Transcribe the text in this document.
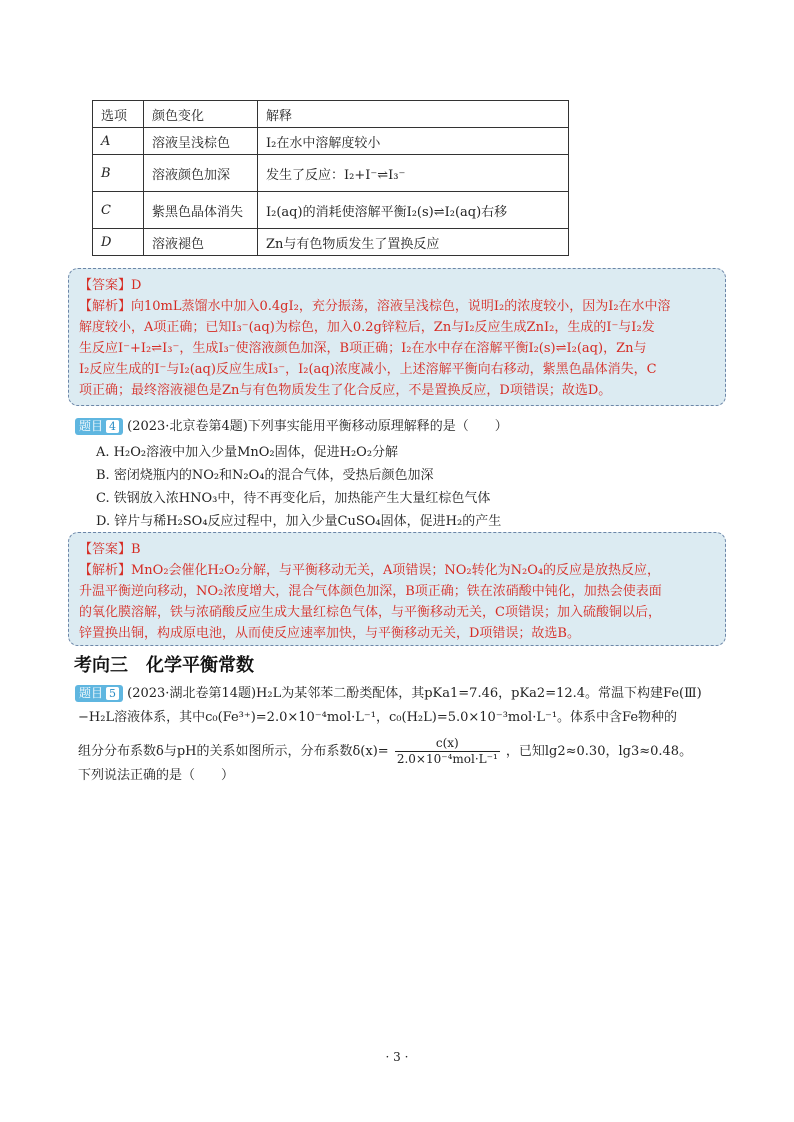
选项	颜色变化	解释
A	溶液呈浅棕色	I₂在水中溶解度较小
B	溶液颜色加深	发生了反应：I₂+I⁻⇌I₃⁻
C	紫黑色晶体消失	I₂(aq)的消耗使溶解平衡I₂(s)⇌I₂(aq)右移
D	溶液褪色	Zn与有色物质发生了置换反应

【答案】D

【解析】向10mL蒸馏水中加入0.4gI₂，充分振荡，溶液呈浅棕色，说明I₂的浓度较小，因为I₂在水中溶

解度较小，A项正确；已知I₃⁻(aq)为棕色，加入0.2g锌粒后，Zn与I₂反应生成ZnI₂，生成的I⁻与I₂发

生反应I⁻+I₂⇌I₃⁻，生成I₃⁻使溶液颜色加深，B项正确；I₂在水中存在溶解平衡I₂(s)⇌I₂(aq)，Zn与

I₂反应生成的I⁻与I₂(aq)反应生成I₃⁻，I₂(aq)浓度减小，上述溶解平衡向右移动，紫黑色晶体消失，C

项正确；最终溶液褪色是Zn与有色物质发生了化合反应，不是置换反应，D项错误；故选D。

题目 4 (2023·北京卷第4题)下列事实能用平衡移动原理解释的是（　　）
A. H₂O₂溶液中加入少量MnO₂固体，促进H₂O₂分解
B. 密闭烧瓶内的NO₂和N₂O₄的混合气体，受热后颜色加深
C. 铁钢放入浓HNO₃中，待不再变化后，加热能产生大量红棕色气体
D. 锌片与稀H₂SO₄反应过程中，加入少量CuSO₄固体，促进H₂的产生

【答案】B

【解析】MnO₂会催化H₂O₂分解，与平衡移动无关，A项错误；NO₂转化为N₂O₄的反应是放热反应，

升温平衡逆向移动，NO₂浓度增大，混合气体颜色加深，B项正确；铁在浓硝酸中钝化，加热会使表面

的氧化膜溶解，铁与浓硝酸反应生成大量红棕色气体，与平衡移动无关，C项错误；加入硫酸铜以后，

锌置换出铜，构成原电池，从而使反应速率加快，与平衡移动无关，D项错误；故选B。

考向三　化学平衡常数
题目 5 (2023·湖北卷第14题)H₂L为某邻苯二酚类配体，其pKa1=7.46，pKa2=12.4。常温下构建Fe(Ⅲ)
−H₂L溶液体系，其中c₀(Fe³⁺)=2.0×10⁻⁴mol·L⁻¹，c₀(H₂L)=5.0×10⁻³mol·L⁻¹。体系中含Fe物种的
组分分布系数δ与pH的关系如图所示，分布系数δ(x)=
c(x)
2.0×10⁻⁴mol·L⁻¹ ，已知lg2≈0.30，lg3≈0.48。
下列说法正确的是（　　）
· 3 ·
